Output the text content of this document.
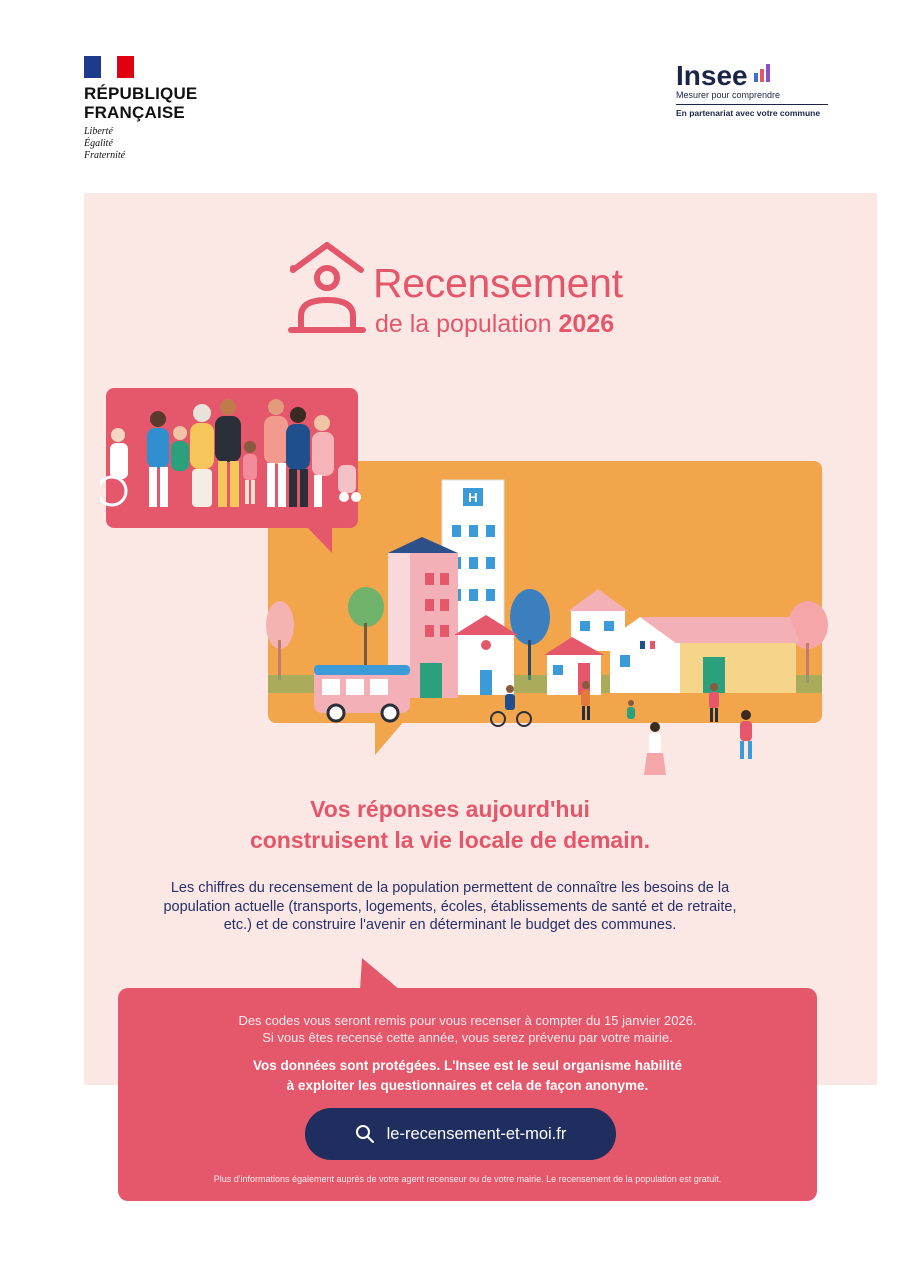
RÉPUBLIQUE
FRANÇAISE
Liberté
Égalité
Fraternité
Insee
Mesurer pour comprendre
En partenariat avec votre commune
Recensement
de la population 2026
H
Vos réponses aujourd'hui
construisent la vie locale de demain.
Les chiffres du recensement de la population permettent de connaître les besoins de la
population actuelle (transports, logements, écoles, établissements de santé et de retraite,
etc.) et de construire l'avenir en déterminant le budget des communes.
Des codes vous seront remis pour vous recenser à compter du 15 janvier 2026.
Si vous êtes recensé cette année, vous serez prévenu par votre mairie.
Vos données sont protégées. L'Insee est le seul organisme habilité
à exploiter les questionnaires et cela de façon anonyme.
le-recensement-et-moi.fr
Plus d'informations également auprès de votre agent recenseur ou de votre mairie. Le recensement de la population est gratuit.
